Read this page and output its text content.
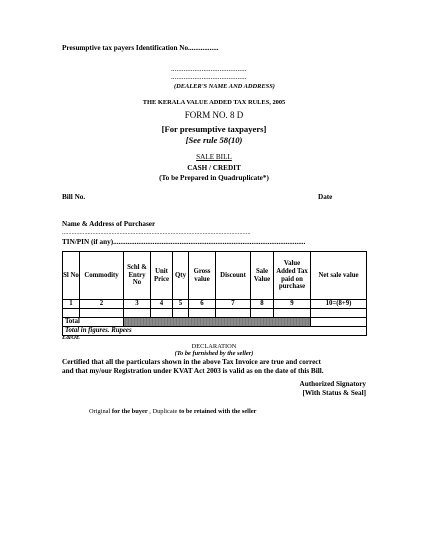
Presumptive tax payers Identification No.................
..........................................
..........................................
(DEALER'S NAME AND ADDRESS)
THE KERALA VALUE ADDED TAX RULES, 2005
FORM NO. 8 D
[For presumptive taxpayers]
[See rule 58(10)
SALE BILL
CASH / CREDIT
(To be Prepared in Quadruplicate*)
Bill No.	Date
Name & Address of Purchaser
......................................................................................................................
TIN/PIN (if any)...........................................................................................................
Sl No	Commodity	Schl & Entry No	Unit Price	Qty	Gross value	Discount	Sale Value	Value Added Tax paid on purchase	Net sale value
1	2	3	4	5	6	7	8	9	10=(8+9)

Total									
Total in figures. Rupees									
E&OE
DECLARATION
(To be furnished by the seller)
Certified that all the particulars shown in the above Tax Invoice are true and correct
and that my/our Registration under KVAT Act 2003 is valid as on the date of this Bill.
Authorized Signatory
[With Status & Seal]
Original for the buyer , Duplicate to be retained with the seller
